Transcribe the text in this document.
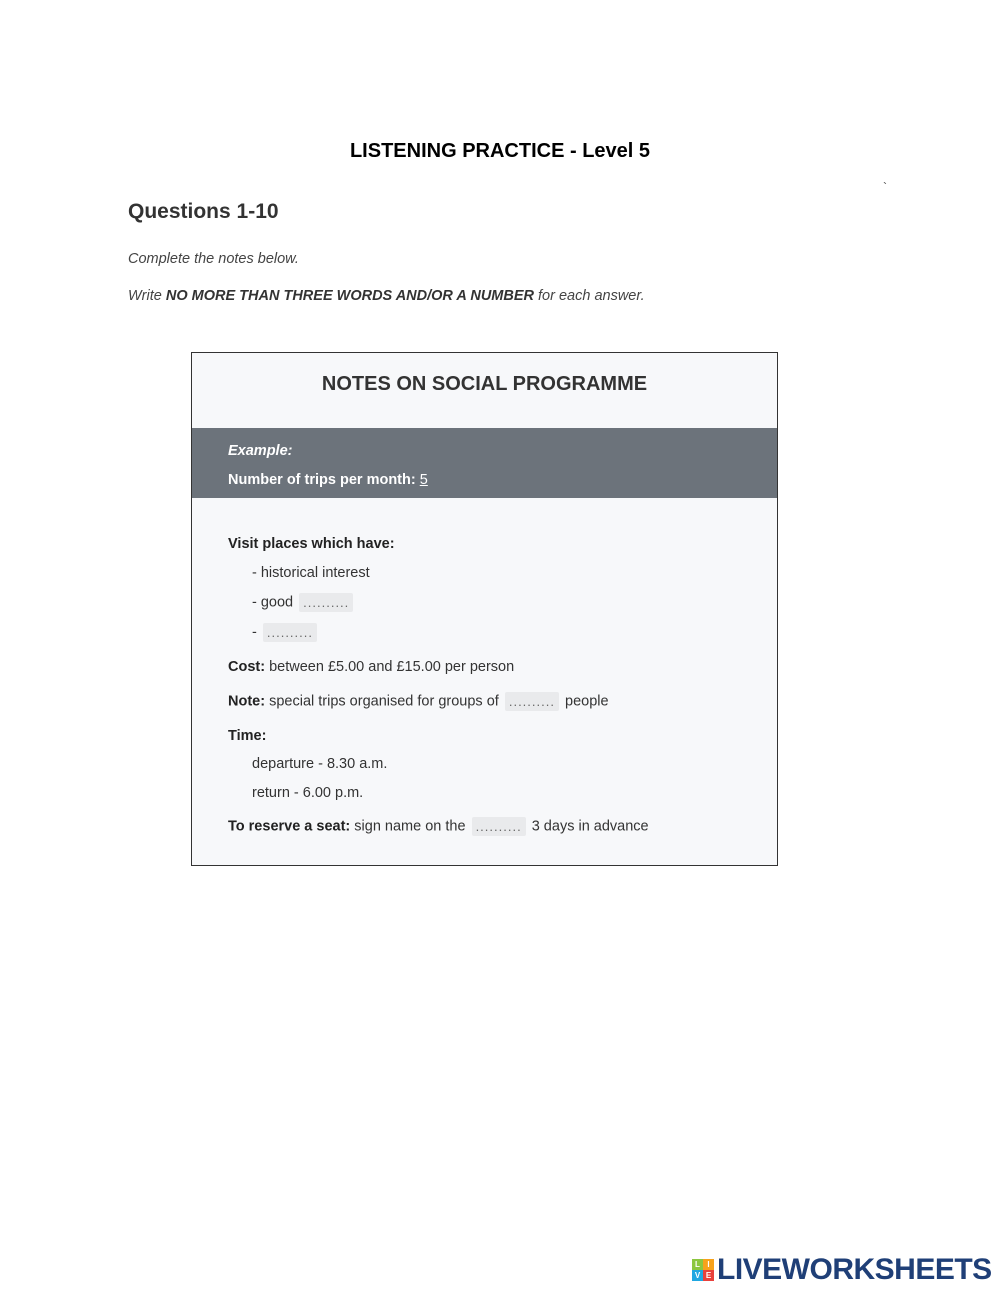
LISTENING PRACTICE - Level 5
`
Questions 1-10
Complete the notes below.
Write NO MORE THAN THREE WORDS AND/OR A NUMBER for each answer.
NOTES ON SOCIAL PROGRAMME
Example:
Number of trips per month: 5
Visit places which have:
- historical interest
- good ..........
- ..........
Cost: between £5.00 and £15.00 per person
Note: special trips organised for groups of .......... people
Time:
departure - 8.30 a.m.
return - 6.00 p.m.
To reserve a seat: sign name on the .......... 3 days in advance
L I
V E LIVEWORKSHEETS
